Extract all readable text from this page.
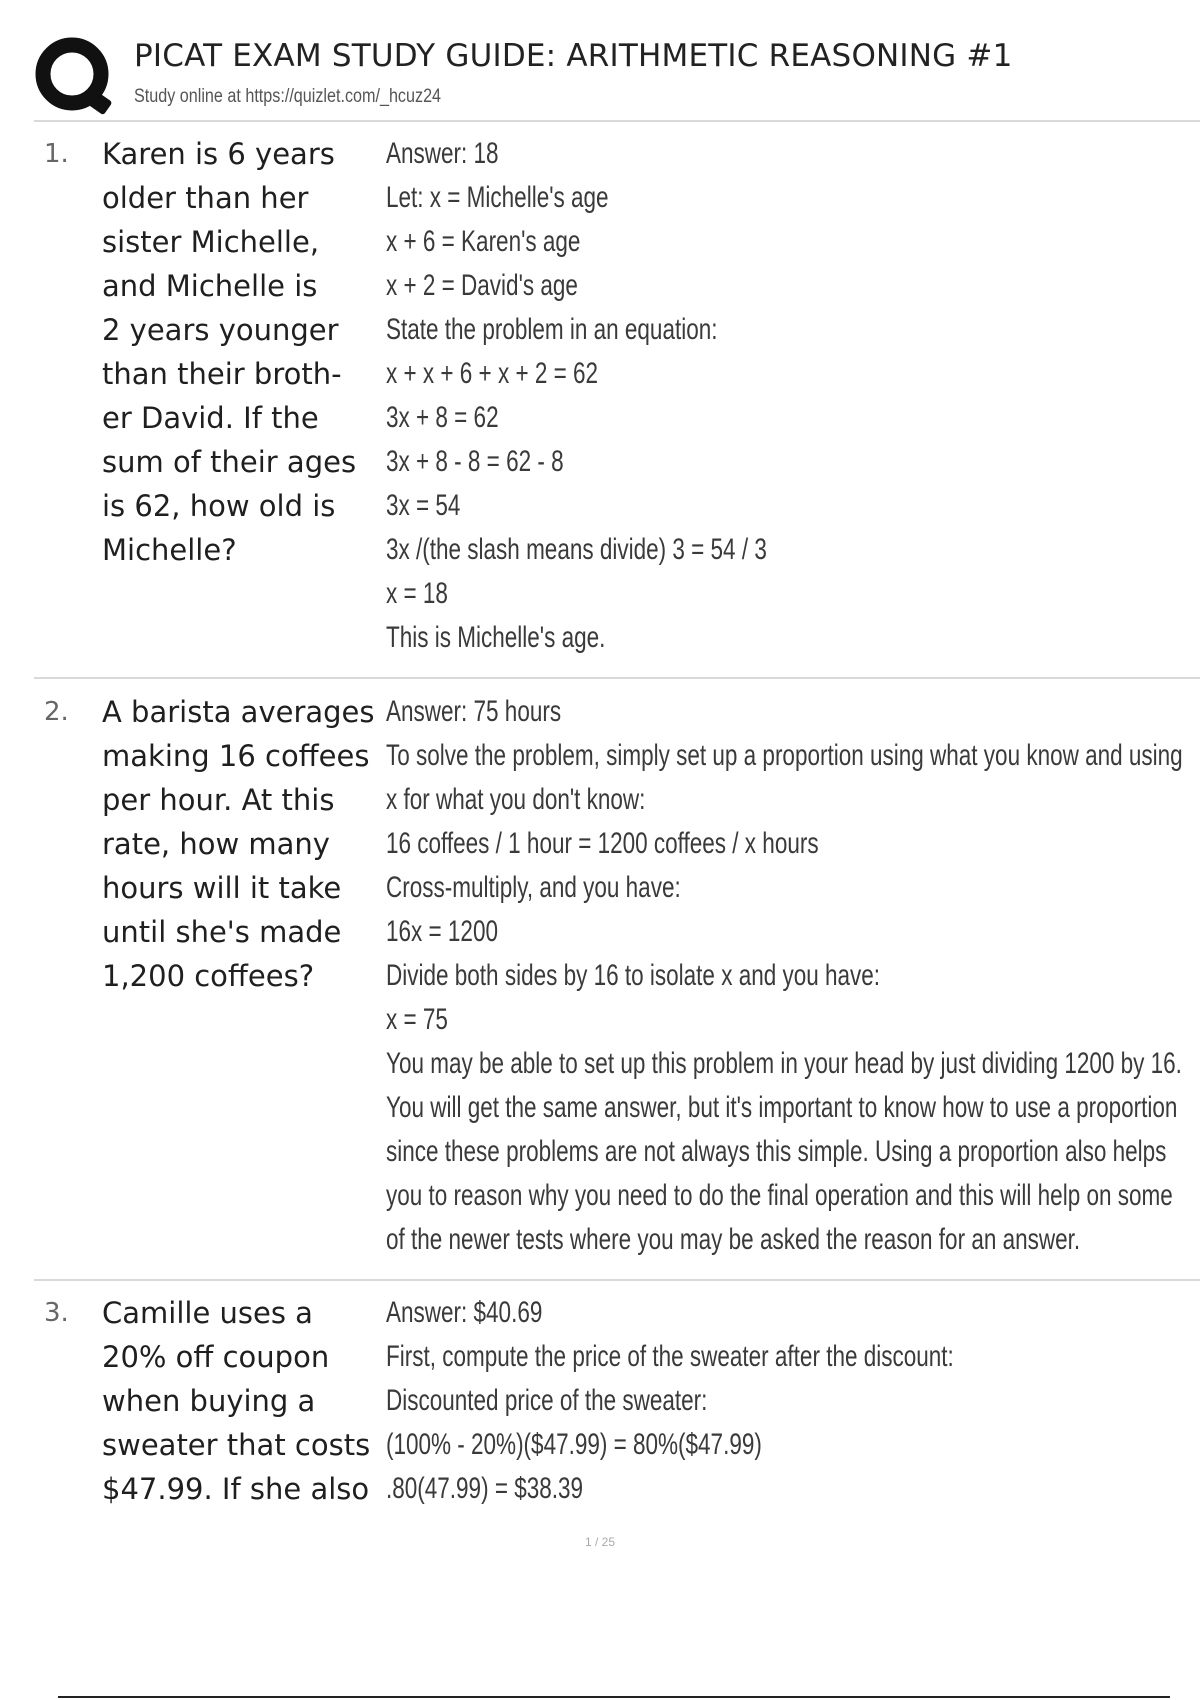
PICAT EXAM STUDY GUIDE: ARITHMETIC REASONING #1
Study online at https://quizlet.com/_hcuz24
1. Karen is 6 years
older than her
sister Michelle,
and Michelle is
2 years younger
than their broth-
er David. If the
sum of their ages
is 62, how old is
Michelle?
Answer: 18
Let: x = Michelle's age
x + 6 = Karen's age
x + 2 = David's age
State the problem in an equation:
x + x + 6 + x + 2 = 62
3x + 8 = 62
3x + 8 - 8 = 62 - 8
3x = 54
3x /(the slash means divide) 3 = 54 / 3
x = 18
This is Michelle's age.
2. A barista averages
making 16 coffees
per hour. At this
rate, how many
hours will it take
until she's made
1,200 coffees?
Answer: 75 hours
To solve the problem, simply set up a proportion using what you know and using
x for what you don't know:
16 coffees / 1 hour = 1200 coffees / x hours
Cross-multiply, and you have:
16x = 1200
Divide both sides by 16 to isolate x and you have:
x = 75
You may be able to set up this problem in your head by just dividing 1200 by 16.
You will get the same answer, but it's important to know how to use a proportion
since these problems are not always this simple. Using a proportion also helps
you to reason why you need to do the final operation and this will help on some
of the newer tests where you may be asked the reason for an answer.
3. Camille uses a
20% off coupon
when buying a
sweater that costs
$47.99. If she also
Answer: $40.69
First, compute the price of the sweater after the discount:
Discounted price of the sweater:
(100% - 20%)($47.99) = 80%($47.99)
.80(47.99) = $38.39
1 / 25
